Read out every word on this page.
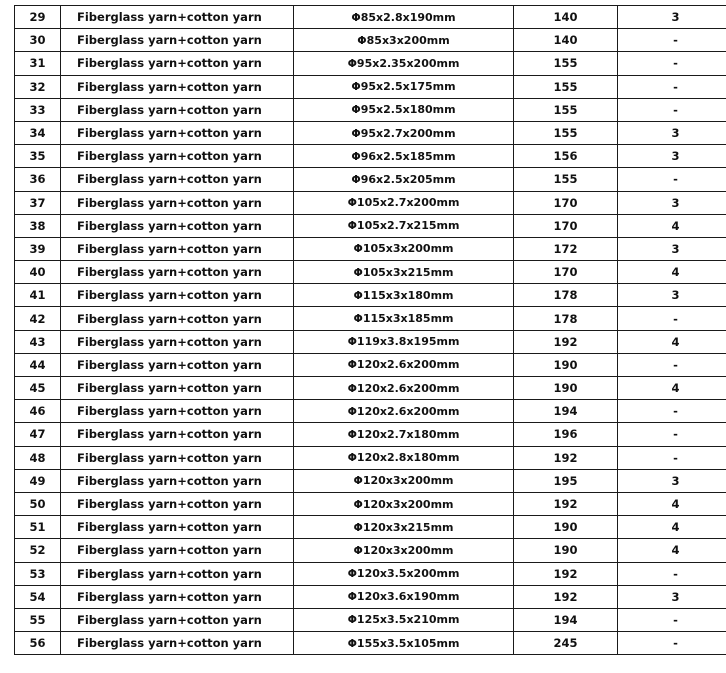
29	Fiberglass yarn+cotton yarn	Φ85x2.8x190mm	140	3
30	Fiberglass yarn+cotton yarn	Φ85x3x200mm	140	-
31	Fiberglass yarn+cotton yarn	Φ95x2.35x200mm	155	-
32	Fiberglass yarn+cotton yarn	Φ95x2.5x175mm	155	-
33	Fiberglass yarn+cotton yarn	Φ95x2.5x180mm	155	-
34	Fiberglass yarn+cotton yarn	Φ95x2.7x200mm	155	3
35	Fiberglass yarn+cotton yarn	Φ96x2.5x185mm	156	3
36	Fiberglass yarn+cotton yarn	Φ96x2.5x205mm	155	-
37	Fiberglass yarn+cotton yarn	Φ105x2.7x200mm	170	3
38	Fiberglass yarn+cotton yarn	Φ105x2.7x215mm	170	4
39	Fiberglass yarn+cotton yarn	Φ105x3x200mm	172	3
40	Fiberglass yarn+cotton yarn	Φ105x3x215mm	170	4
41	Fiberglass yarn+cotton yarn	Φ115x3x180mm	178	3
42	Fiberglass yarn+cotton yarn	Φ115x3x185mm	178	-
43	Fiberglass yarn+cotton yarn	Φ119x3.8x195mm	192	4
44	Fiberglass yarn+cotton yarn	Φ120x2.6x200mm	190	-
45	Fiberglass yarn+cotton yarn	Φ120x2.6x200mm	190	4
46	Fiberglass yarn+cotton yarn	Φ120x2.6x200mm	194	-
47	Fiberglass yarn+cotton yarn	Φ120x2.7x180mm	196	-
48	Fiberglass yarn+cotton yarn	Φ120x2.8x180mm	192	-
49	Fiberglass yarn+cotton yarn	Φ120x3x200mm	195	3
50	Fiberglass yarn+cotton yarn	Φ120x3x200mm	192	4
51	Fiberglass yarn+cotton yarn	Φ120x3x215mm	190	4
52	Fiberglass yarn+cotton yarn	Φ120x3x200mm	190	4
53	Fiberglass yarn+cotton yarn	Φ120x3.5x200mm	192	-
54	Fiberglass yarn+cotton yarn	Φ120x3.6x190mm	192	3
55	Fiberglass yarn+cotton yarn	Φ125x3.5x210mm	194	-
56	Fiberglass yarn+cotton yarn	Φ155x3.5x105mm	245	-
